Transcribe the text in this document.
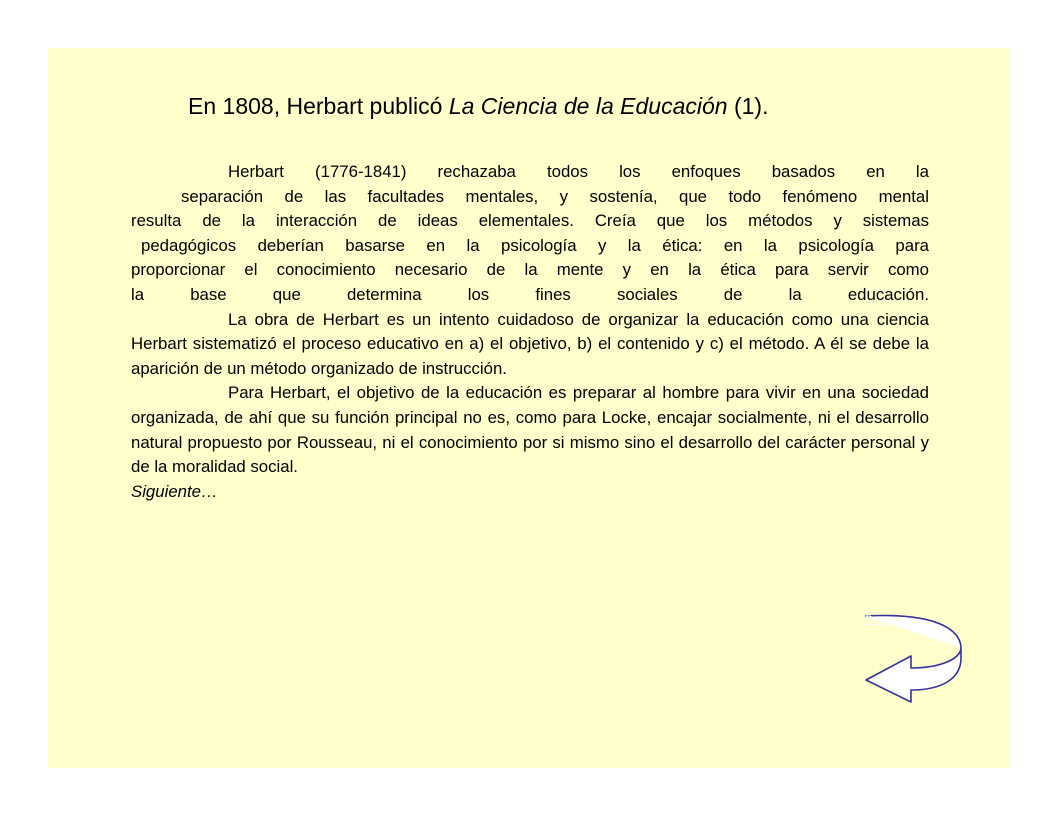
En 1808, Herbart publicó La Ciencia de la Educación (1).

Herbart (1776-1841) rechazaba todos los enfoques basados en la
separación de las facultades mentales, y sostenía, que todo fenómeno mental
resulta de la interacción de ideas elementales. Creía que los métodos y sistemas
pedagógicos deberían basarse en la psicología y la ética: en la psicología para
proporcionar el conocimiento necesario de la mente y en la ética para servir como
la base que determina los fines sociales de la educación.

La obra de Herbart es un intento cuidadoso de organizar la educación como una ciencia Herbart sistematizó el proceso educativo en a) el objetivo, b) el contenido y c) el método. A él se debe la aparición de un método organizado de instrucción.

Para Herbart, el objetivo de la educación es preparar al hombre para vivir en una sociedad organizada, de ahí que su función principal no es, como para Locke, encajar socialmente, ni el desarrollo natural propuesto por Rousseau, ni el conocimiento por si mismo sino el desarrollo del carácter personal y de la moralidad social.

Siguiente…

Regreso
